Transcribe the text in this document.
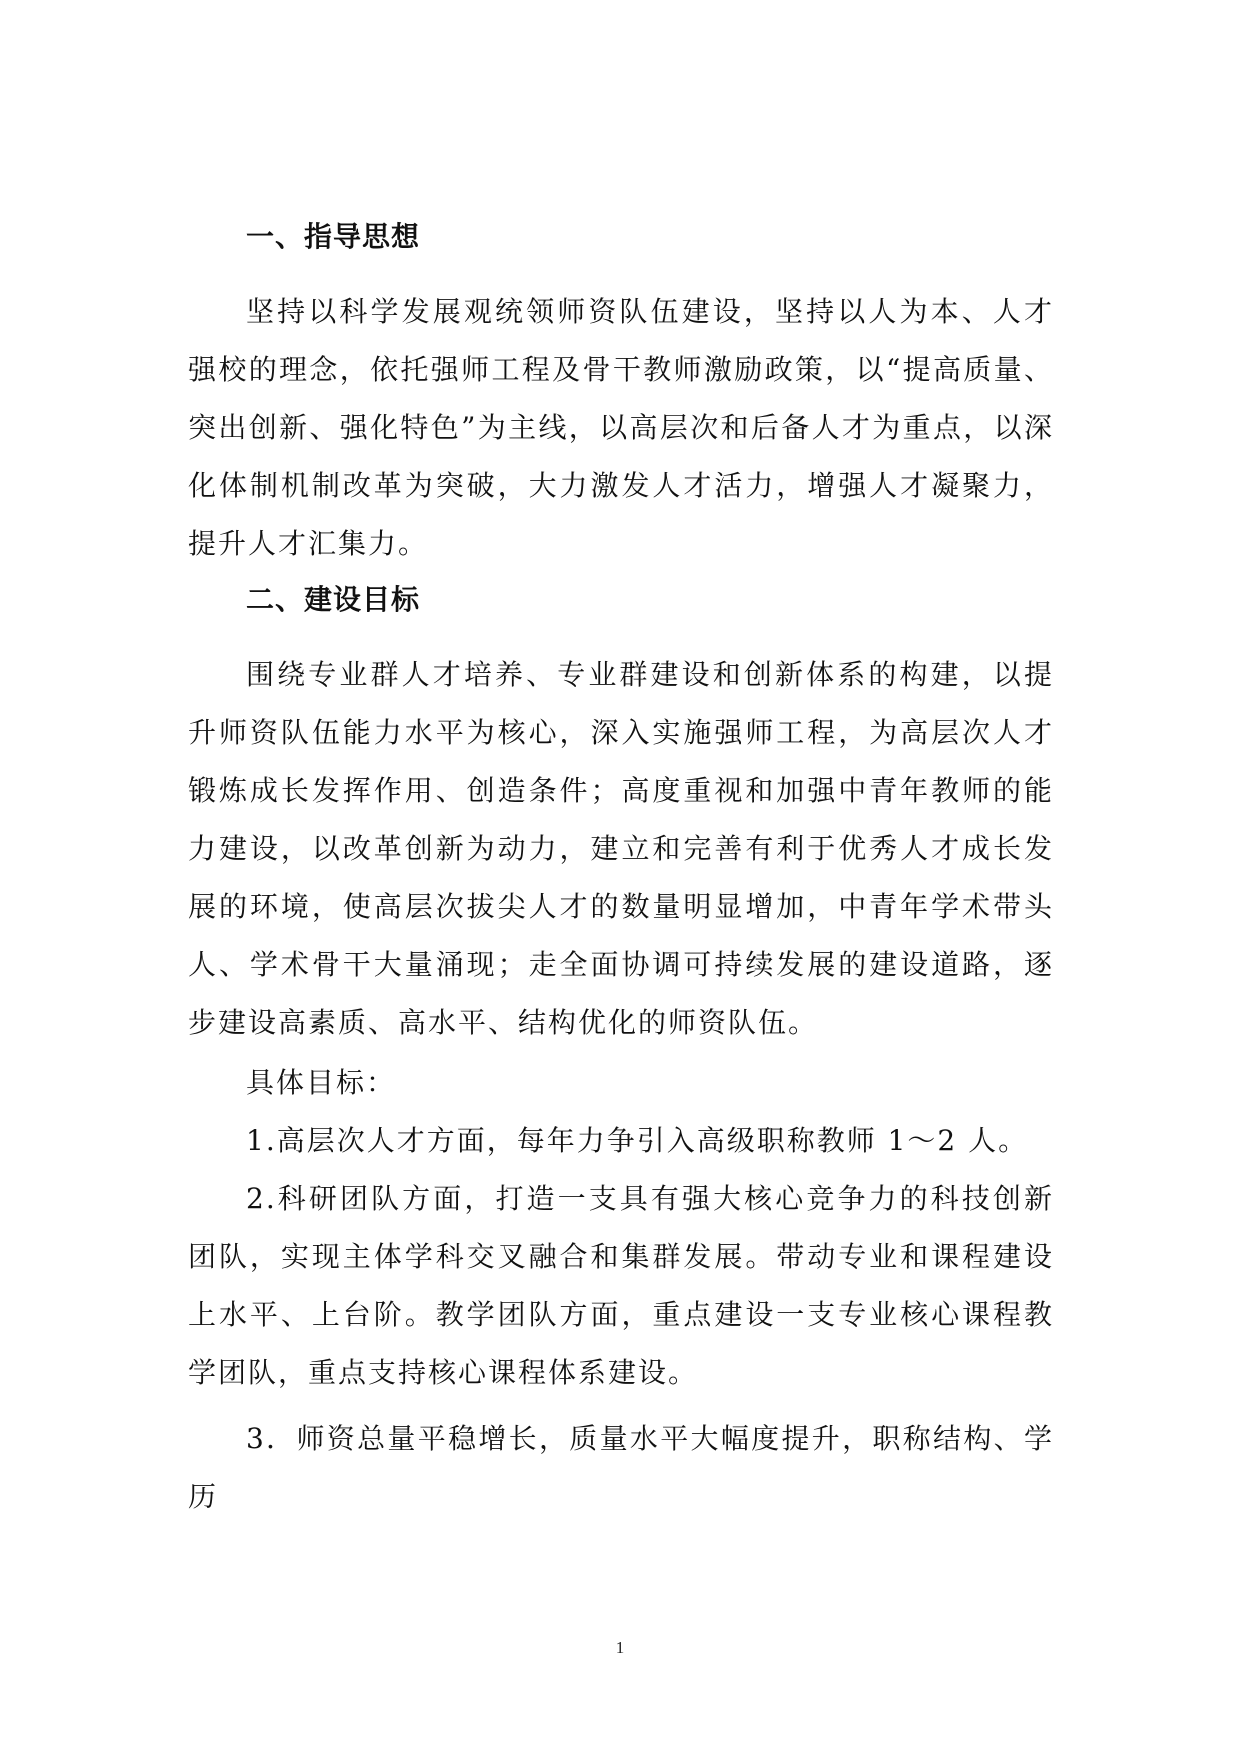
一、指导思想

坚持以科学发展观统领师资队伍建设，坚持以人为本、人才强校的理念，依托强师工程及骨干教师激励政策，以“提高质量、突出创新、强化特色”为主线，以高层次和后备人才为重点，以深化体制机制改革为突破，大力激发人才活力，增强人才凝聚力，提升人才汇集力。

二、建设目标

围绕专业群人才培养、专业群建设和创新体系的构建，以提升师资队伍能力水平为核心，深入实施强师工程，为高层次人才锻炼成长发挥作用、创造条件；高度重视和加强中青年教师的能力建设，以改革创新为动力，建立和完善有利于优秀人才成长发展的环境，使高层次拔尖人才的数量明显增加，中青年学术带头人、学术骨干大量涌现；走全面协调可持续发展的建设道路，逐步建设高素质、高水平、结构优化的师资队伍。

具体目标：

1.高层次人才方面，每年力争引入高级职称教师 1～2 人。

2.科研团队方面，打造一支具有强大核心竞争力的科技创新团队，实现主体学科交叉融合和集群发展。带动专业和课程建设上水平、上台阶。教学团队方面，重点建设一支专业核心课程教学团队，重点支持核心课程体系建设。

3．师资总量平稳增长，质量水平大幅度提升，职称结构、学历

1
